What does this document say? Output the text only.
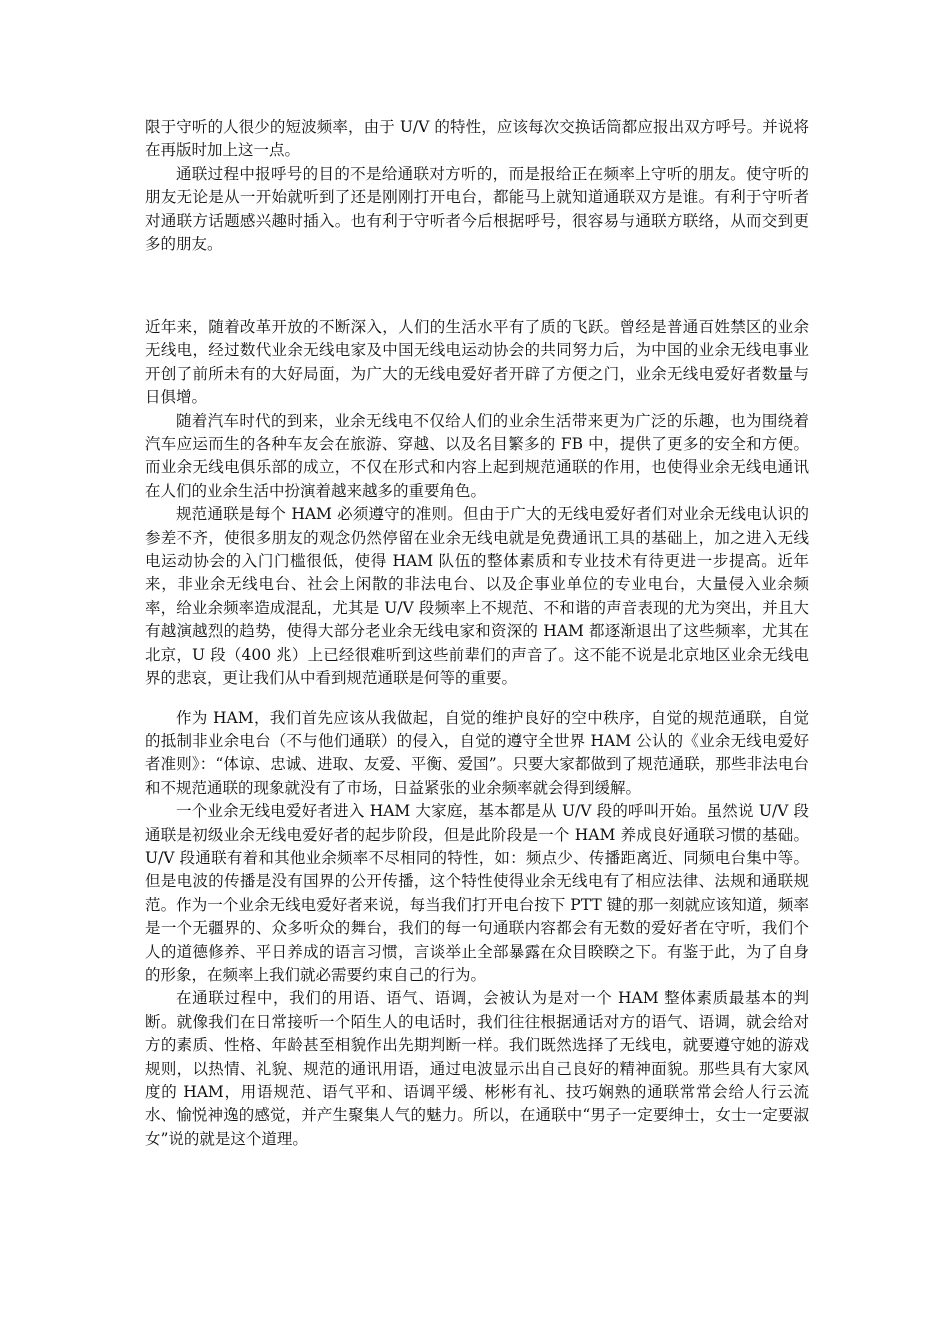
限于守听的人很少的短波频率，由于 U/V 的特性，应该每次交换话筒都应报出双方呼号。并说将在再版时加上这一点。

通联过程中报呼号的目的不是给通联对方听的，而是报给正在频率上守听的朋友。使守听的朋友无论是从一开始就听到了还是刚刚打开电台，都能马上就知道通联双方是谁。有利于守听者对通联方话题感兴趣时插入。也有利于守听者今后根据呼号，很容易与通联方联络，从而交到更多的朋友。

近年来，随着改革开放的不断深入，人们的生活水平有了质的飞跃。曾经是普通百姓禁区的业余无线电，经过数代业余无线电家及中国无线电运动协会的共同努力后，为中国的业余无线电事业开创了前所未有的大好局面，为广大的无线电爱好者开辟了方便之门，业余无线电爱好者数量与日俱增。

随着汽车时代的到来，业余无线电不仅给人们的业余生活带来更为广泛的乐趣，也为围绕着汽车应运而生的各种车友会在旅游、穿越、以及名目繁多的 FB 中，提供了更多的安全和方便。而业余无线电俱乐部的成立，不仅在形式和内容上起到规范通联的作用，也使得业余无线电通讯在人们的业余生活中扮演着越来越多的重要角色。

规范通联是每个 HAM 必须遵守的准则。但由于广大的无线电爱好者们对业余无线电认识的参差不齐，使很多朋友的观念仍然停留在业余无线电就是免费通讯工具的基础上，加之进入无线电运动协会的入门门槛很低，使得 HAM 队伍的整体素质和专业技术有待更进一步提高。近年来，非业余无线电台、社会上闲散的非法电台、以及企事业单位的专业电台，大量侵入业余频率，给业余频率造成混乱，尤其是 U/V 段频率上不规范、不和谐的声音表现的尤为突出，并且大有越演越烈的趋势，使得大部分老业余无线电家和资深的 HAM 都逐渐退出了这些频率，尤其在北京，U 段（400 兆）上已经很难听到这些前辈们的声音了。这不能不说是北京地区业余无线电界的悲哀，更让我们从中看到规范通联是何等的重要。

作为 HAM，我们首先应该从我做起，自觉的维护良好的空中秩序，自觉的规范通联，自觉的抵制非业余电台（不与他们通联）的侵入，自觉的遵守全世界 HAM 公认的《业余无线电爱好者准则》：“体谅、忠诚、进取、友爱、平衡、爱国”。只要大家都做到了规范通联，那些非法电台和不规范通联的现象就没有了市场，日益紧张的业余频率就会得到缓解。

一个业余无线电爱好者进入 HAM 大家庭，基本都是从 U/V 段的呼叫开始。虽然说 U/V 段通联是初级业余无线电爱好者的起步阶段，但是此阶段是一个 HAM 养成良好通联习惯的基础。U/V 段通联有着和其他业余频率不尽相同的特性，如：频点少、传播距离近、同频电台集中等。但是电波的传播是没有国界的公开传播，这个特性使得业余无线电有了相应法律、法规和通联规范。作为一个业余无线电爱好者来说，每当我们打开电台按下 PTT 键的那一刻就应该知道，频率是一个无疆界的、众多听众的舞台，我们的每一句通联内容都会有无数的爱好者在守听，我们个人的道德修养、平日养成的语言习惯，言谈举止全部暴露在众目睽睽之下。有鉴于此，为了自身的形象，在频率上我们就必需要约束自己的行为。

在通联过程中，我们的用语、语气、语调，会被认为是对一个 HAM 整体素质最基本的判断。就像我们在日常接听一个陌生人的电话时，我们往往根据通话对方的语气、语调，就会给对方的素质、性格、年龄甚至相貌作出先期判断一样。我们既然选择了无线电，就要遵守她的游戏规则，以热情、礼貌、规范的通讯用语，通过电波显示出自己良好的精神面貌。那些具有大家风度的 HAM，用语规范、语气平和、语调平缓、彬彬有礼、技巧娴熟的通联常常会给人行云流水、愉悦神逸的感觉，并产生聚集人气的魅力。所以，在通联中“男子一定要绅士，女士一定要淑女”说的就是这个道理。
